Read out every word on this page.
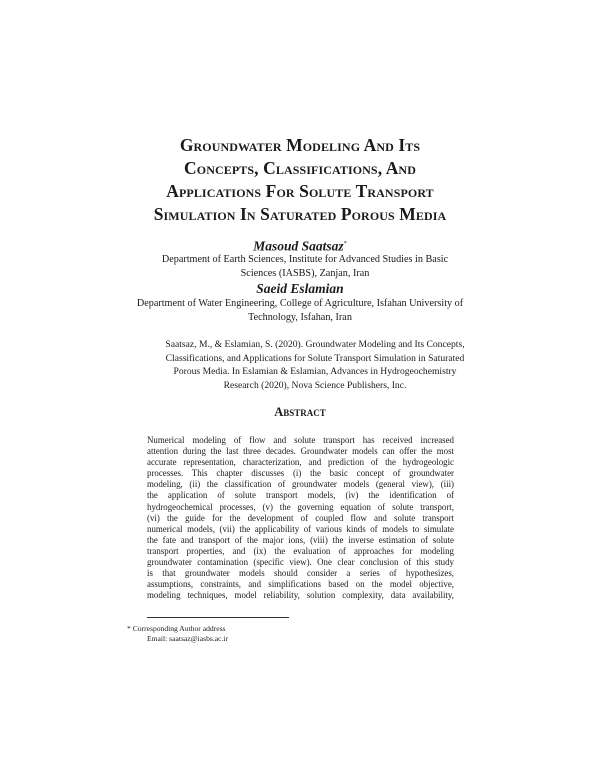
Groundwater Modeling And Its
Concepts, Classifications, And
Applications For Solute Transport
Simulation In Saturated Porous Media
Masoud Saatsaz*
Department of Earth Sciences, Institute for Advanced Studies in Basic
Sciences (IASBS), Zanjan, Iran
Saeid Eslamian
Department of Water Engineering, College of Agriculture, Isfahan University of
Technology, Isfahan, Iran
Saatsaz, M., & Eslamian, S. (2020). Groundwater Modeling and Its Concepts,
Classifications, and Applications for Solute Transport Simulation in Saturated
Porous Media. In Eslamian & Eslamian, Advances in Hydrogeochemistry
Research (2020), Nova Science Publishers, Inc.
Abstract
Numerical modeling of flow and solute transport has received increased
attention during the last three decades. Groundwater models can offer the most
accurate representation, characterization, and prediction of the hydrogeologic
processes. This chapter discusses (i) the basic concept of groundwater
modeling, (ii) the classification of groundwater models (general view), (iii)
the application of solute transport models, (iv) the identification of
hydrogeochemical processes, (v) the governing equation of solute transport,
(vi) the guide for the development of coupled flow and solute transport
numerical models, (vii) the applicability of various kinds of models to simulate
the fate and transport of the major ions, (viii) the inverse estimation of solute
transport properties, and (ix) the evaluation of approaches for modeling
groundwater contamination (specific view). One clear conclusion of this study
is that groundwater models should consider a series of hypothesizes,
assumptions, constraints, and simplifications based on the model objective,
modeling techniques, model reliability, solution complexity, data availability,
* Corresponding Author address
Email: saatsaz@iasbs.ac.ir
